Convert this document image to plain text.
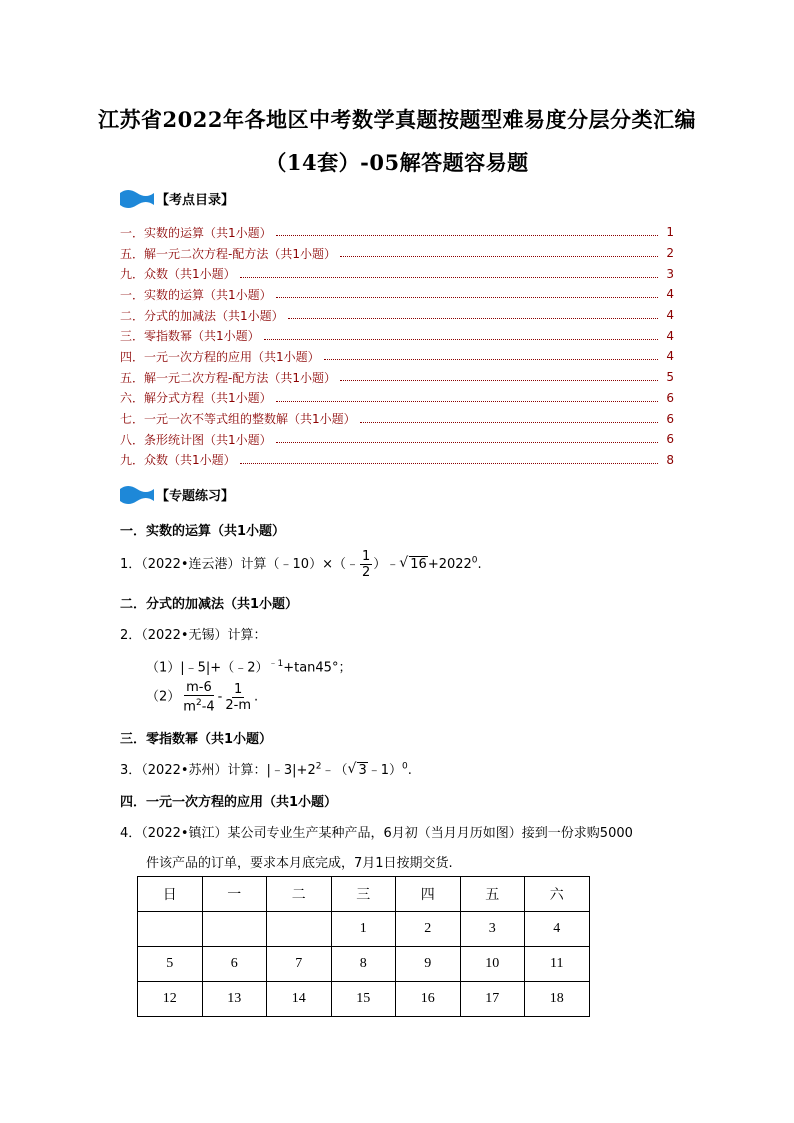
江苏省2022年各地区中考数学真题按题型难易度分层分类汇编
（14套）-05解答题容易题
【考点目录】
一．实数的运算（共1小题）	1
五．解一元二次方程-配方法（共1小题）	2
九．众数（共1小题）	3
一．实数的运算（共1小题）	4
二．分式的加减法（共1小题）	4
三．零指数幂（共1小题）	4
四．一元一次方程的应用（共1小题）	4
五．解一元二次方程-配方法（共1小题）	5
六．解分式方程（共1小题）	6
七．一元一次不等式组的整数解（共1小题）	6
八．条形统计图（共1小题）	6
九．众数（共1小题）	8
【专题练习】
一．实数的运算（共1小题）
1．（2022•连云港）计算（﹣10）×（﹣ $\frac{1}{2}$ ）﹣ √ $16+2022^0$.
二．分式的加减法（共1小题）
2．（2022•无锡）计算：
（1）|﹣5|+（﹣2）$^{﹣1}$+tan45°；
$(2) \frac{m-6}{m^2-4} - \frac{1}{2-m}$ .
三．零指数幂（共1小题）
3．（2022•苏州）计算：$|﹣3|+2^2﹣$（ √ 3﹣1）$^0$.
四．一元一次方程的应用（共1小题）
4．（2022•镇江）某公司专业生产某种产品，6月初（当月月历如图）接到一份求购5000
件该产品的订单，要求本月底完成，7月1日按期交货.
日	一	二	三	四	五	六
			1	2	3	4
5	6	7	8	9	10	11
12	13	14	15	16	17	18
